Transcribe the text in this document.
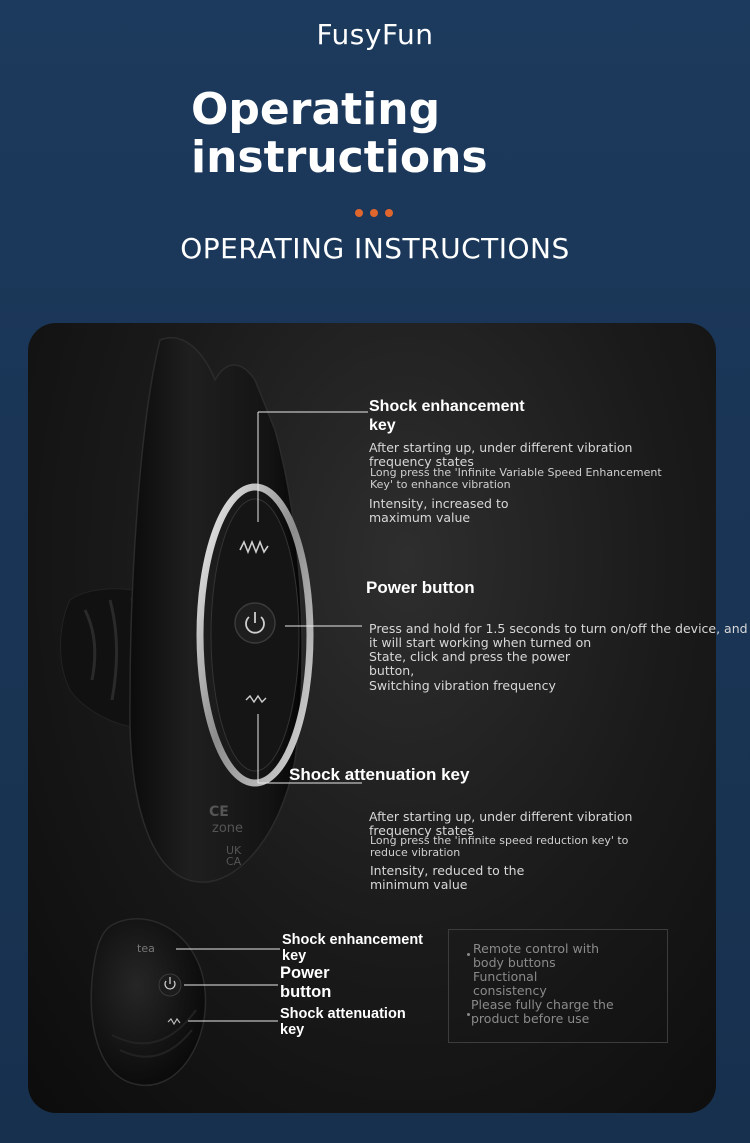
FusyFun
Operating
instructions
OPERATING INSTRUCTIONS
CE
zone
UK CA
tea
Shock enhancement
key
After starting up, under different vibration
frequency states
Long press the 'Infinite Variable Speed Enhancement
Key' to enhance vibration
Intensity, increased to
maximum value
Power button
Press and hold for 1.5 seconds to turn on/off the device, and
it will start working when turned on
State, click and press the power
button,
Switching vibration frequency
Shock attenuation key
After starting up, under different vibration
frequency states
Long press the 'infinite speed reduction key' to
reduce vibration
Intensity, reduced to the
minimum value
Shock enhancement
key
Power
button
Shock attenuation
key
Remote control with
body buttons
Functional
consistency
Please fully charge the
product before use
